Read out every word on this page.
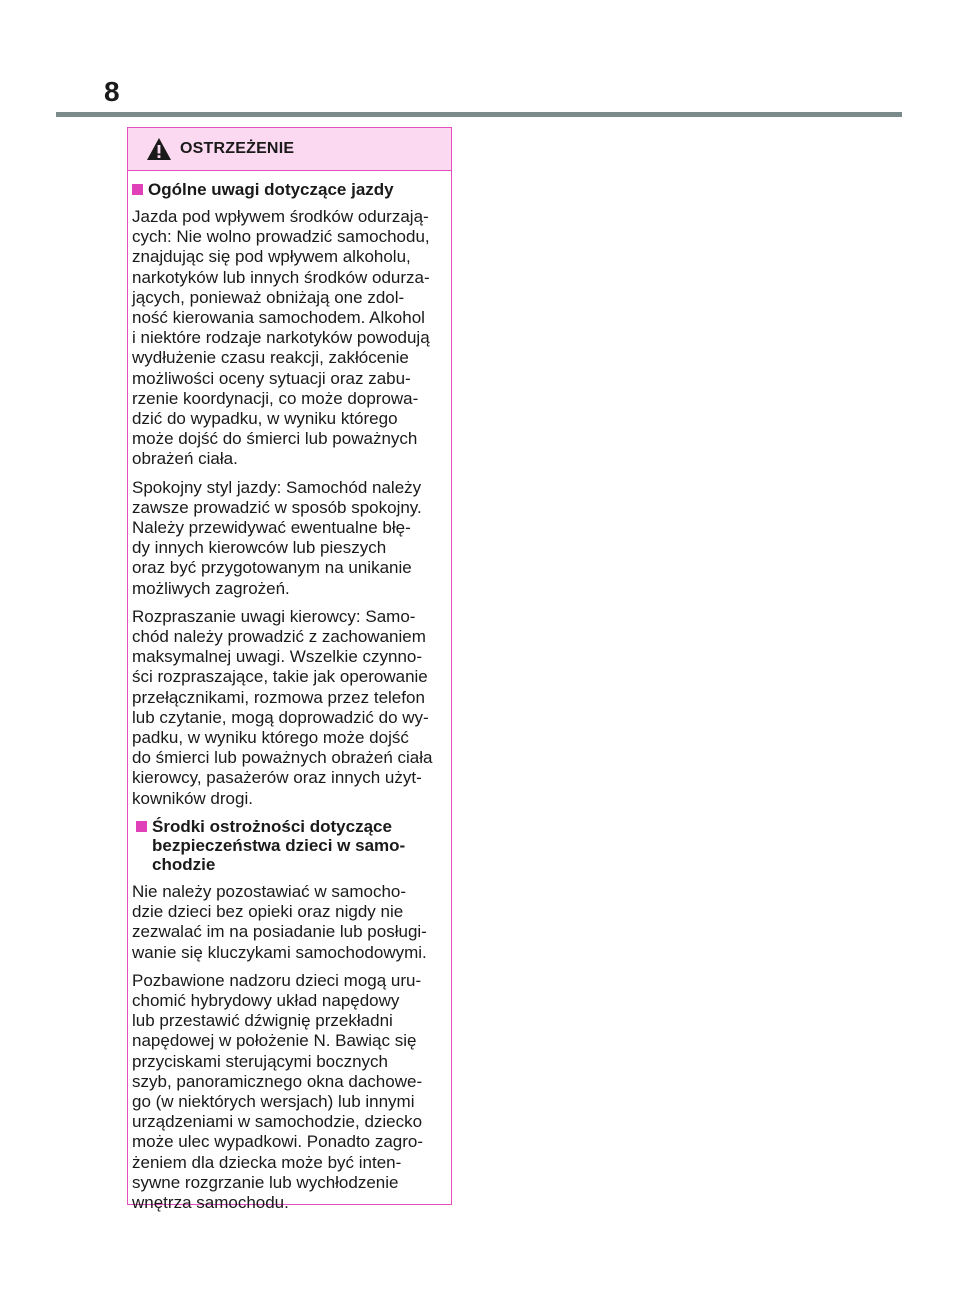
8
OSTRZEŻENIE
Ogólne uwagi dotyczące jazdy

Jazda pod wpływem środków odurzają-
cych: Nie wolno prowadzić samochodu,
znajdując się pod wpływem alkoholu,
narkotyków lub innych środków odurza-
jących, ponieważ obniżają one zdol-
ność kierowania samochodem. Alkohol
i niektóre rodzaje narkotyków powodują
wydłużenie czasu reakcji, zakłócenie
możliwości oceny sytuacji oraz zabu-
rzenie koordynacji, co może doprowa-
dzić do wypadku, w wyniku którego
może dojść do śmierci lub poważnych
obrażeń ciała.

Spokojny styl jazdy: Samochód należy
zawsze prowadzić w sposób spokojny.
Należy przewidywać ewentualne błę-
dy innych kierowców lub pieszych
oraz być przygotowanym na unikanie
możliwych zagrożeń.

Rozpraszanie uwagi kierowcy: Samo-
chód należy prowadzić z zachowaniem
maksymalnej uwagi. Wszelkie czynno-
ści rozpraszające, takie jak operowanie
przełącznikami, rozmowa przez telefon
lub czytanie, mogą doprowadzić do wy-
padku, w wyniku którego może dojść
do śmierci lub poważnych obrażeń ciała
kierowcy, pasażerów oraz innych użyt-
kowników drogi.

Środki ostrożności dotyczące
bezpieczeństwa dzieci w samo-
chodzie

Nie należy pozostawiać w samocho-
dzie dzieci bez opieki oraz nigdy nie
zezwalać im na posiadanie lub posługi-
wanie się kluczykami samochodowymi.

Pozbawione nadzoru dzieci mogą uru-
chomić hybrydowy układ napędowy
lub przestawić dźwignię przekładni
napędowej w położenie N. Bawiąc się
przyciskami sterującymi bocznych
szyb, panoramicznego okna dachowe-
go (w niektórych wersjach) lub innymi
urządzeniami w samochodzie, dziecko
może ulec wypadkowi. Ponadto zagro-
żeniem dla dziecka może być inten-
sywne rozgrzanie lub wychłodzenie
wnętrza samochodu.
